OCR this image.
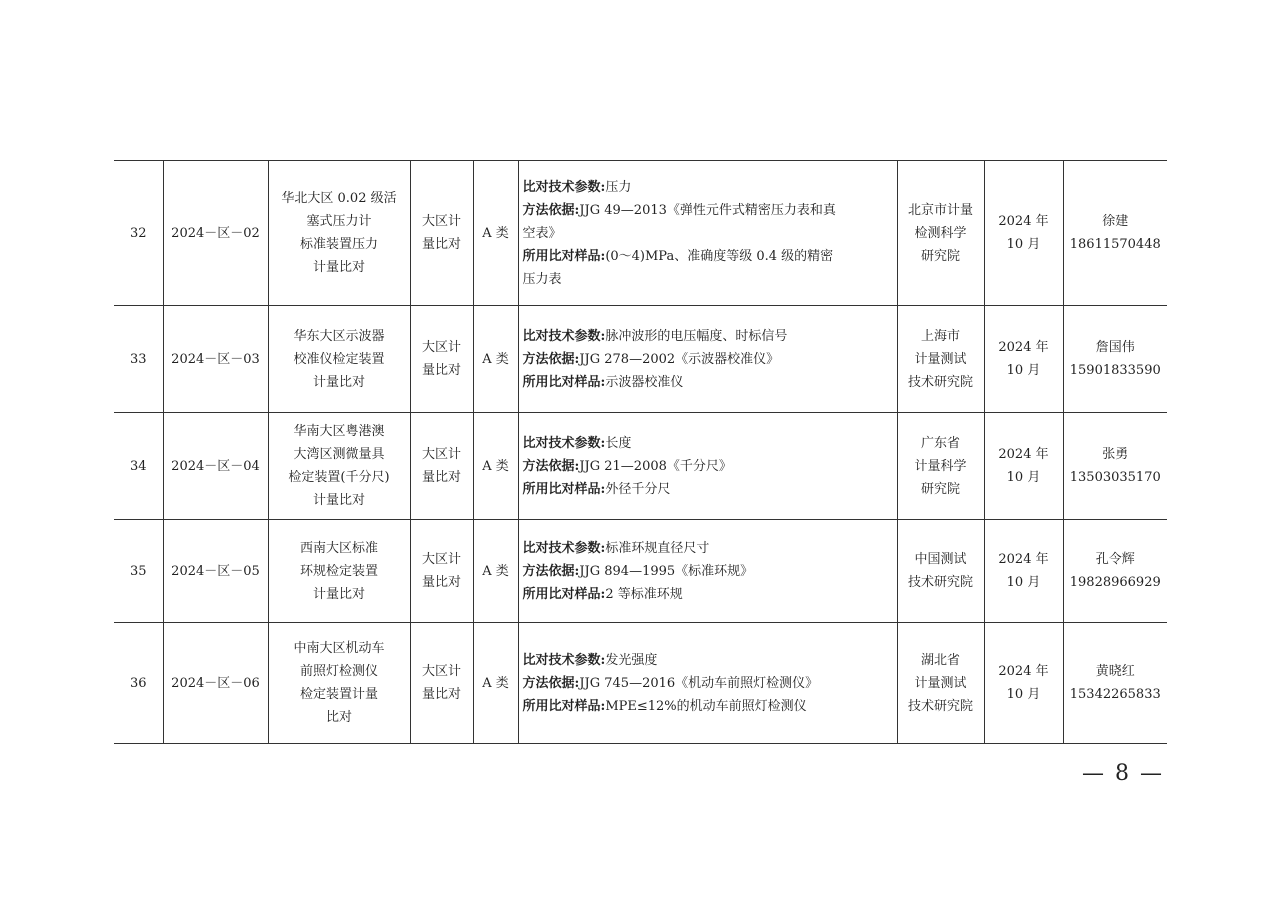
32	2024－区－02	华北大区 0.02 级活
塞式压力计
标准装置压力
计量比对	大区计
量比对	A 类	比对技术参数:压力
方法依据:JJG 49—2013《弹性元件式精密压力表和真
空表》
所用比对样品:(0～4)MPa、准确度等级 0.4 级的精密
压力表	北京市计量
检测科学
研究院	2024 年
10 月	徐建
18611570448

33	2024－区－03	华东大区示波器
校准仪检定装置
计量比对	大区计
量比对	A 类	比对技术参数:脉冲波形的电压幅度、时标信号
方法依据:JJG 278—2002《示波器校准仪》
所用比对样品:示波器校准仪	上海市
计量测试
技术研究院	2024 年
10 月	詹国伟
15901833590

34	2024－区－04	华南大区粤港澳
大湾区测微量具
检定装置(千分尺)
计量比对	大区计
量比对	A 类	比对技术参数:长度
方法依据:JJG 21—2008《千分尺》
所用比对样品:外径千分尺	广东省
计量科学
研究院	2024 年
10 月	张勇
13503035170

35	2024－区－05	西南大区标准
环规检定装置
计量比对	大区计
量比对	A 类	比对技术参数:标准环规直径尺寸
方法依据:JJG 894—1995《标准环规》
所用比对样品:2 等标准环规	中国测试
技术研究院	2024 年
10 月	孔令辉
19828966929

36	2024－区－06	中南大区机动车
前照灯检测仪
检定装置计量
比对	大区计
量比对	A 类	比对技术参数:发光强度
方法依据:JJG 745—2016《机动车前照灯检测仪》
所用比对样品:MPE≤12%的机动车前照灯检测仪	湖北省
计量测试
技术研究院	2024 年
10 月	黄晓红
15342265833
— 8 —
